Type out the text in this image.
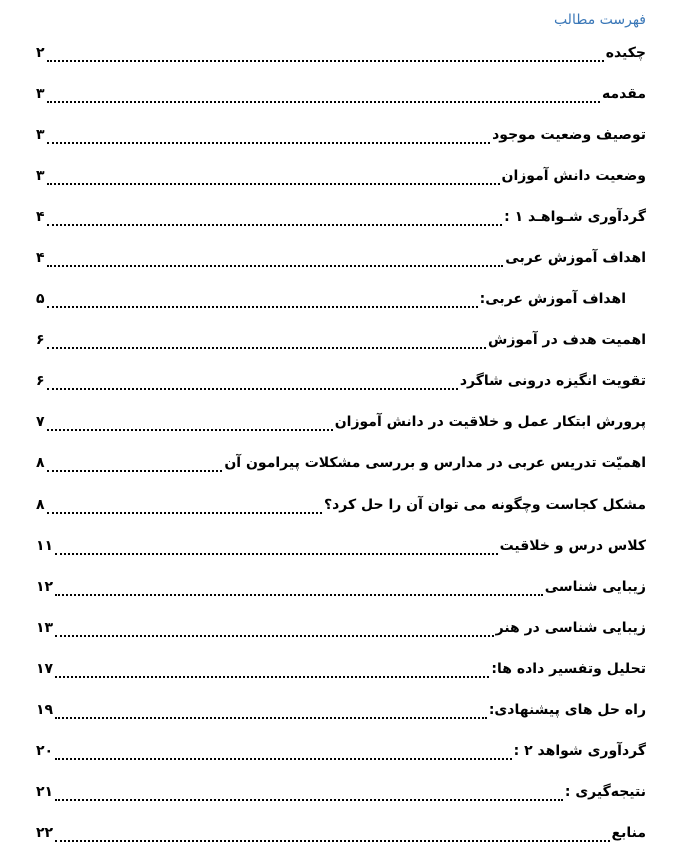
فهرست مطالب
چکیده
۲
مقدمه
۳
توصیف وضعیت موجود
۳
وضعیت دانش آموزان
۳
گردآوری شـواهـد ۱ :
۴
اهداف آموزش عربی
۴
اهداف آموزش عربی:
۵
اهمیت هدف در آموزش
۶
تقویت انگیزه درونی شاگرد
۶
پرورش ابتکار عمل و خلاقیت در دانش آموزان
۷
اهمیّت تدریس عربی در مدارس و بررسی مشکلات پیرامون آن
۸
مشکل کجاست وچگونه می توان آن را حل کرد؟
۸
کلاس درس و خلاقیت
۱۱
زیبایی شناسی
۱۲
زیبایی شناسی در هنر
۱۳
تحلیل وتفسیر داده ها:
۱۷
راه حل های پیشنهادی:
۱۹
گردآوری شواهد ۲ :
۲۰
نتیجه‌گیری :
۲۱
منابع
۲۲
